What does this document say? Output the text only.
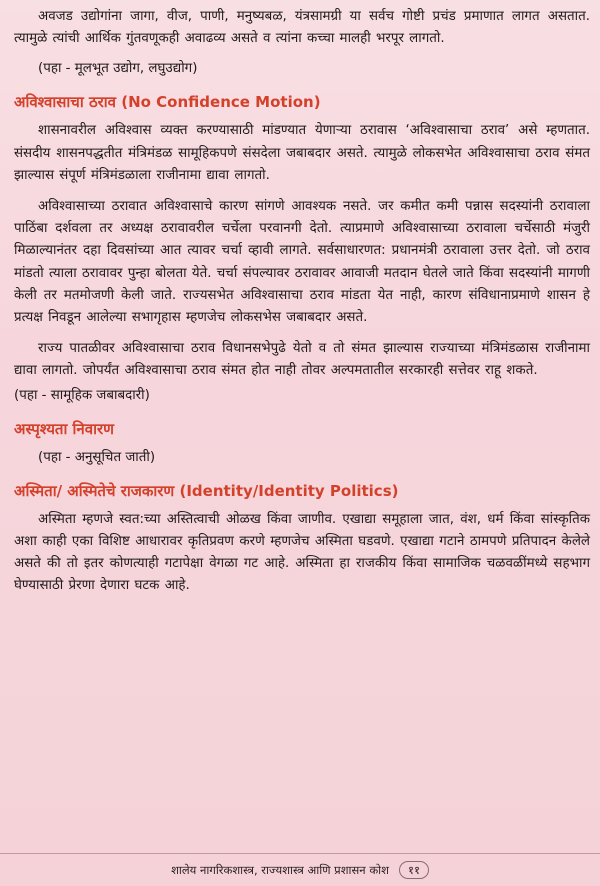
अवजड उद्योगांना जागा, वीज, पाणी, मनुष्यबळ, यंत्रसामग्री या सर्वच गोष्टी प्रचंड प्रमाणात लागत असतात. त्यामुळे त्यांची आर्थिक गुंतवणूकही अवाढव्य असते व त्यांना कच्चा मालही भरपूर लागतो.

(पहा - मूलभूत उद्योग, लघुउद्योग)

अविश्वासाचा ठराव (No Confidence Motion)

शासनावरील अविश्वास व्यक्त करण्यासाठी मांडण्यात येणाऱ्या ठरावास ‘अविश्वासाचा ठराव’ असे म्हणतात. संसदीय शासनपद्धतीत मंत्रिमंडळ सामूहिकपणे संसदेला जबाबदार असते. त्यामुळे लोकसभेत अविश्वासाचा ठराव संमत झाल्यास संपूर्ण मंत्रिमंडळाला राजीनामा द्यावा लागतो.

अविश्वासाच्या ठरावात अविश्वासाचे कारण सांगणे आवश्यक नसते. जर कमीत कमी पन्नास सदस्यांनी ठरावाला पाठिंबा दर्शवला तर अध्यक्ष ठरावावरील चर्चेला परवानगी देतो. त्याप्रमाणे अविश्वासाच्या ठरावाला चर्चेसाठी मंजुरी मिळाल्यानंतर दहा दिवसांच्या आत त्यावर चर्चा व्हावी लागते. सर्वसाधारणत: प्रधानमंत्री ठरावाला उत्तर देतो. जो ठराव मांडतो त्याला ठरावावर पुन्हा बोलता येते. चर्चा संपल्यावर ठरावावर आवाजी मतदान घेतले जाते किंवा सदस्यांनी मागणी केली तर मतमोजणी केली जाते. राज्यसभेत अविश्वासाचा ठराव मांडता येत नाही, कारण संविधानाप्रमाणे शासन हे प्रत्यक्ष निवडून आलेल्या सभागृहास म्हणजेच लोकसभेस जबाबदार असते.

राज्य पातळीवर अविश्वासाचा ठराव विधानसभेपुढे येतो व तो संमत झाल्यास राज्याच्या मंत्रिमंडळास राजीनामा द्यावा लागतो. जोपर्यंत अविश्वासाचा ठराव संमत होत नाही तोवर अल्पमतातील सरकारही सत्तेवर राहू शकते.

(पहा - सामूहिक जबाबदारी)

अस्पृश्यता निवारण

(पहा - अनुसूचित जाती)

अस्मिता/ अस्मितेचे राजकारण (Identity/Identity Politics)

अस्मिता म्हणजे स्वत:च्या अस्तित्वाची ओळख किंवा जाणीव. एखाद्या समूहाला जात, वंश, धर्म किंवा सांस्कृतिक अशा काही एका विशिष्ट आधारावर कृतिप्रवण करणे म्हणजेच अस्मिता घडवणे. एखाद्या गटाने ठामपणे प्रतिपादन केलेले असते की तो इतर कोणत्याही गटापेक्षा वेगळा गट आहे. अस्मिता हा राजकीय किंवा सामाजिक चळवळींमध्ये सहभाग घेण्यासाठी प्रेरणा देणारा घटक आहे.

शालेय नागरिकशास्त्र, राज्यशास्त्र आणि प्रशासन कोश	११
